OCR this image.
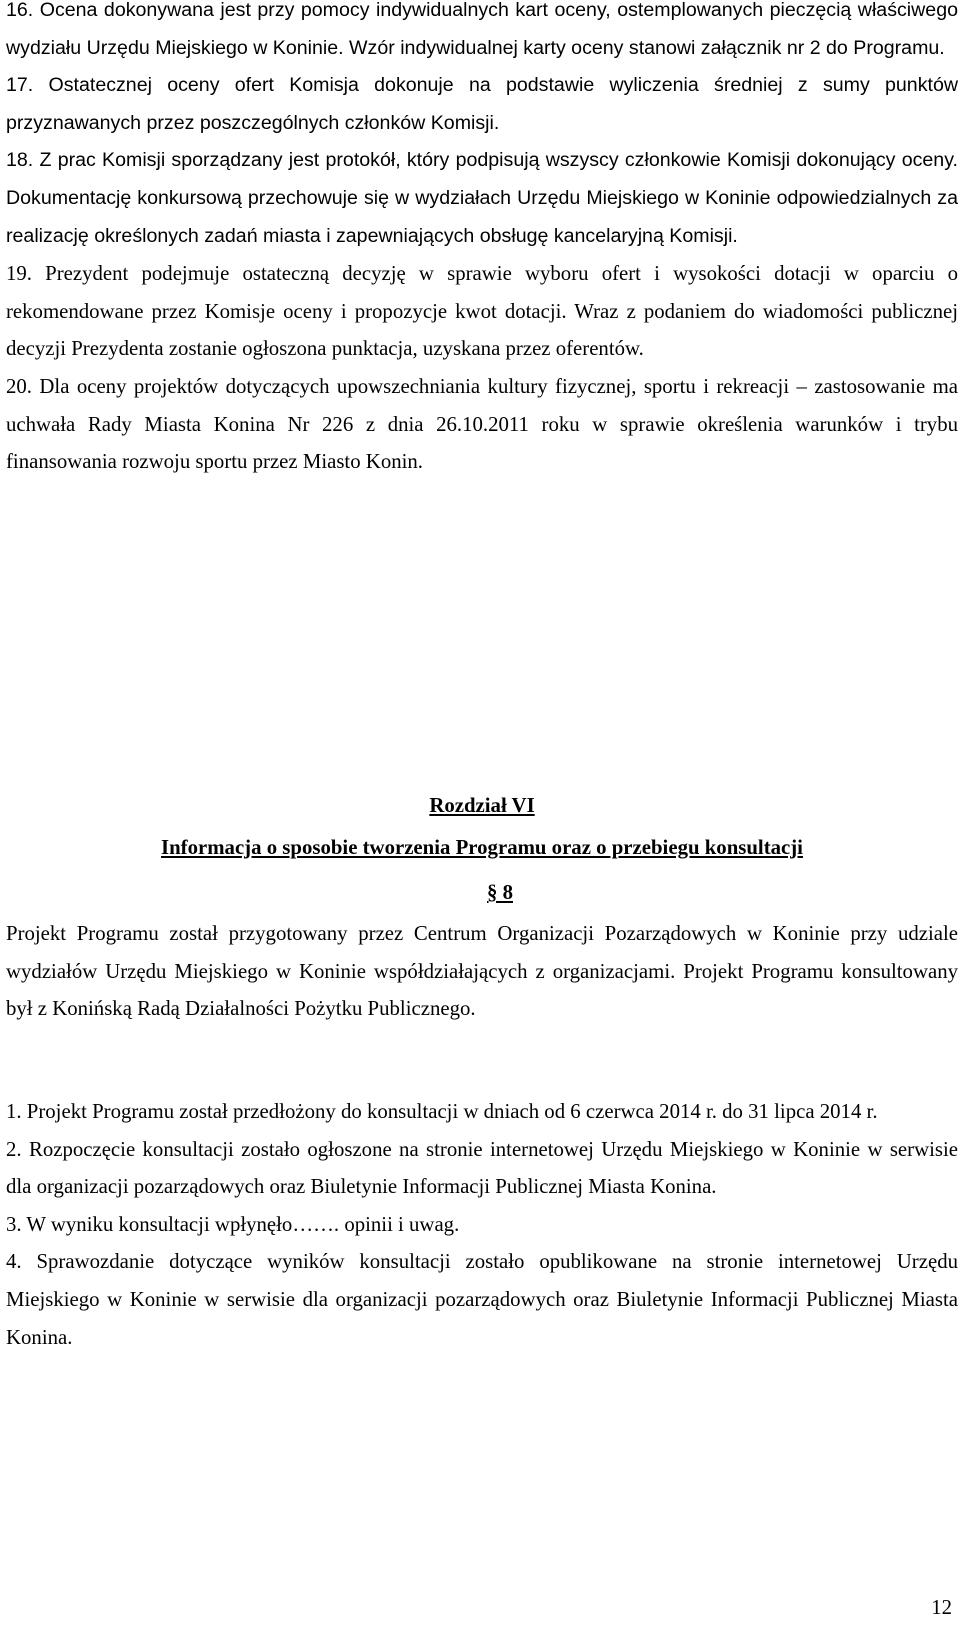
16. Ocena dokonywana jest przy pomocy indywidualnych kart oceny, ostemplowanych pieczęcią właściwego wydziału Urzędu Miejskiego w Koninie. Wzór indywidualnej karty oceny stanowi załącznik nr 2 do Programu.

17. Ostatecznej oceny ofert Komisja dokonuje na podstawie wyliczenia średniej z sumy punktów przyznawanych przez poszczególnych członków Komisji.

18. Z prac Komisji sporządzany jest protokół, który podpisują wszyscy członkowie Komisji dokonujący oceny. Dokumentację konkursową przechowuje się w wydziałach Urzędu Miejskiego w Koninie odpowiedzialnych za realizację określonych zadań miasta i zapewniających obsługę kancelaryjną Komisji.

19. Prezydent podejmuje ostateczną decyzję w sprawie wyboru ofert i wysokości dotacji w oparciu o rekomendowane przez Komisje oceny i propozycje kwot dotacji. Wraz z podaniem do wiadomości publicznej decyzji Prezydenta zostanie ogłoszona punktacja, uzyskana przez oferentów.

20. Dla oceny projektów dotyczących upowszechniania kultury fizycznej, sportu i rekreacji – zastosowanie ma uchwała Rady Miasta Konina Nr 226 z dnia 26.10.2011 roku w sprawie określenia warunków i trybu finansowania rozwoju sportu przez Miasto Konin.

Rozdział VI

Informacja o sposobie tworzenia Programu oraz o przebiegu konsultacji

§ 8

Projekt Programu został przygotowany przez Centrum Organizacji Pozarządowych w Koninie przy udziale wydziałów Urzędu Miejskiego w Koninie współdziałających z organizacjami. Projekt Programu konsultowany był z Konińską Radą Działalności Pożytku Publicznego.

1. Projekt Programu został przedłożony do konsultacji w dniach od 6 czerwca 2014 r. do 31 lipca 2014 r.

2. Rozpoczęcie konsultacji zostało ogłoszone na stronie internetowej Urzędu Miejskiego w Koninie w serwisie dla organizacji pozarządowych oraz Biuletynie Informacji Publicznej Miasta Konina.

3. W wyniku konsultacji wpłynęło……. opinii i uwag.

4. Sprawozdanie dotyczące wyników konsultacji zostało opublikowane na stronie internetowej Urzędu Miejskiego w Koninie w serwisie dla organizacji pozarządowych oraz Biuletynie Informacji Publicznej Miasta Konina.

12
